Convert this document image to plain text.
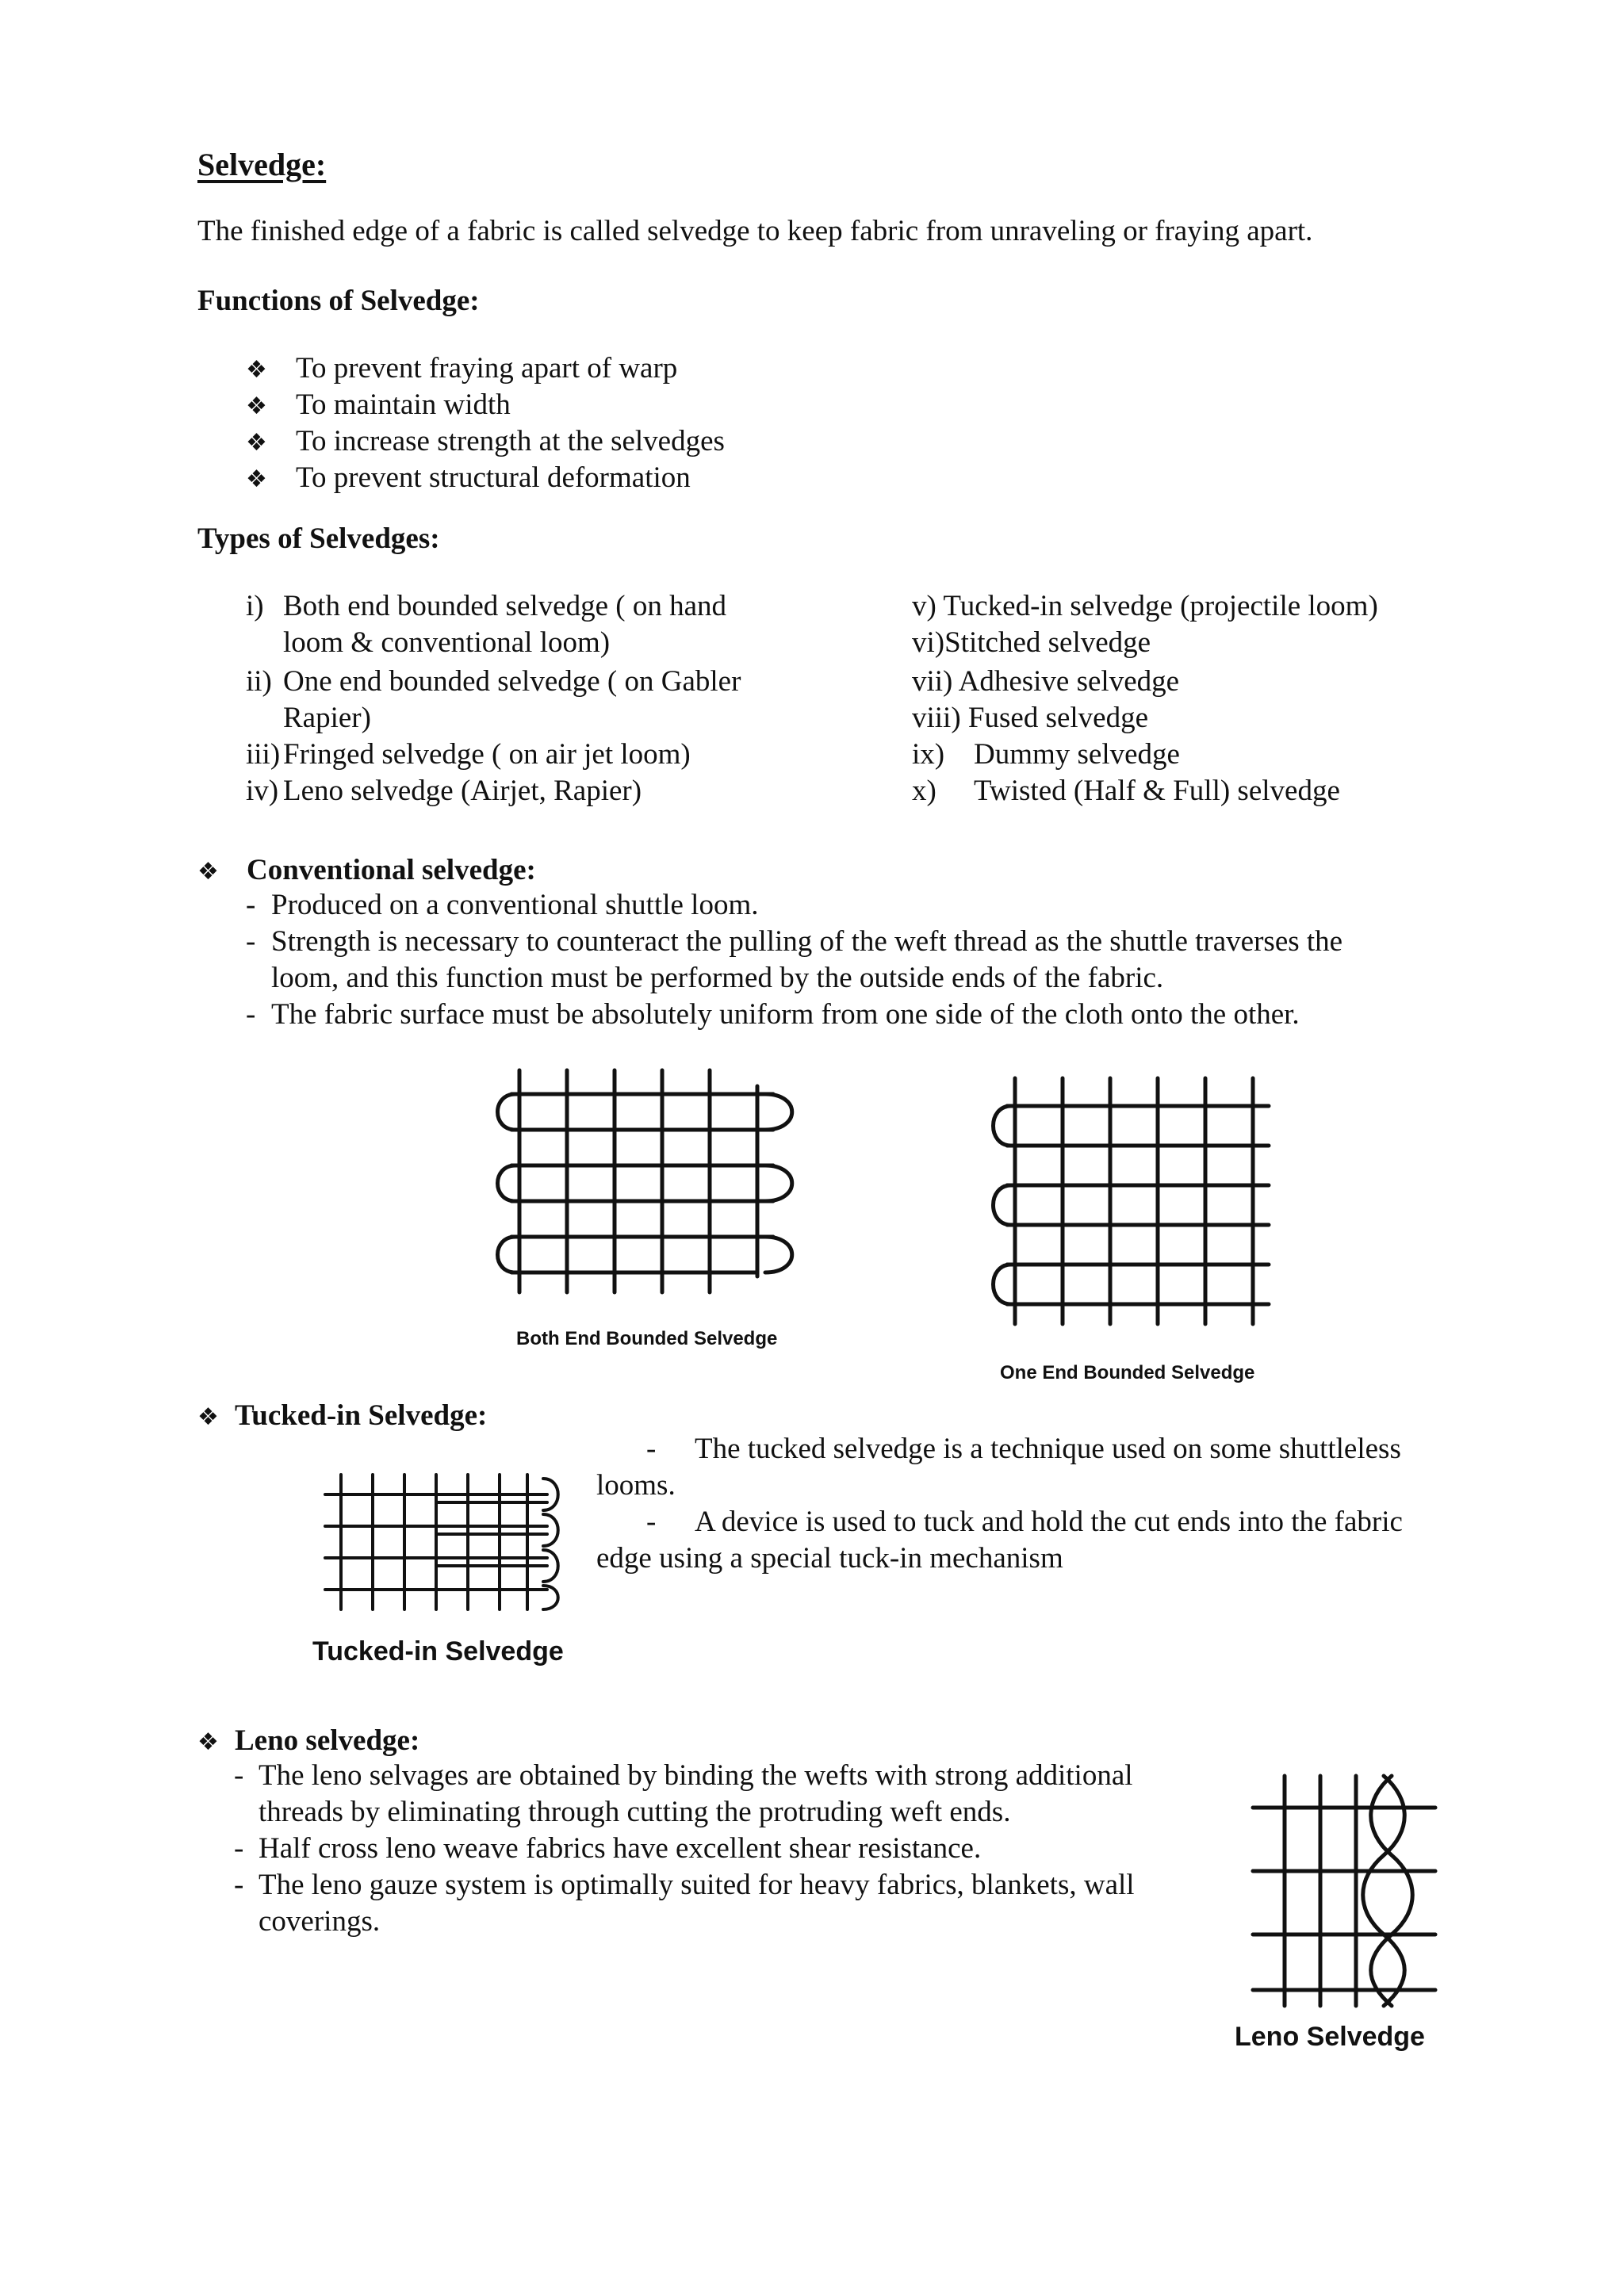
Selvedge:
The finished edge of a fabric is called selvedge to keep fabric from unraveling or fraying apart.
Functions of Selvedge:
❖ To prevent fraying apart of warp
❖ To maintain width
❖ To increase strength at the selvedges
❖ To prevent structural deformation
Types of Selvedges:
i) Both end bounded selvedge ( on hand
loom & conventional loom)
ii) One end bounded selvedge ( on Gabler
Rapier)
iii) Fringed selvedge ( on air jet loom)
iv) Leno selvedge (Airjet, Rapier)
v) Tucked-in selvedge (projectile loom)
vi)Stitched selvedge
vii) Adhesive selvedge
viii) Fused selvedge
ix) Dummy selvedge
x) Twisted (Half & Full) selvedge
❖ Conventional selvedge:
- Produced on a conventional shuttle loom.
- Strength is necessary to counteract the pulling of the weft thread as the shuttle traverses the
loom, and this function must be performed by the outside ends of the fabric.
- The fabric surface must be absolutely uniform from one side of the cloth onto the other.
Both End Bounded Selvedge
One End Bounded Selvedge
❖ Tucked-in Selvedge:
Tucked-in Selvedge
- The tucked selvedge is a technique used on some shuttleless
looms.
- A device is used to tuck and hold the cut ends into the fabric
edge using a special tuck-in mechanism
❖ Leno selvedge:
- The leno selvages are obtained by binding the wefts with strong additional
threads by eliminating through cutting the protruding weft ends.
- Half cross leno weave fabrics have excellent shear resistance.
- The leno gauze system is optimally suited for heavy fabrics, blankets, wall
coverings.
Leno Selvedge
